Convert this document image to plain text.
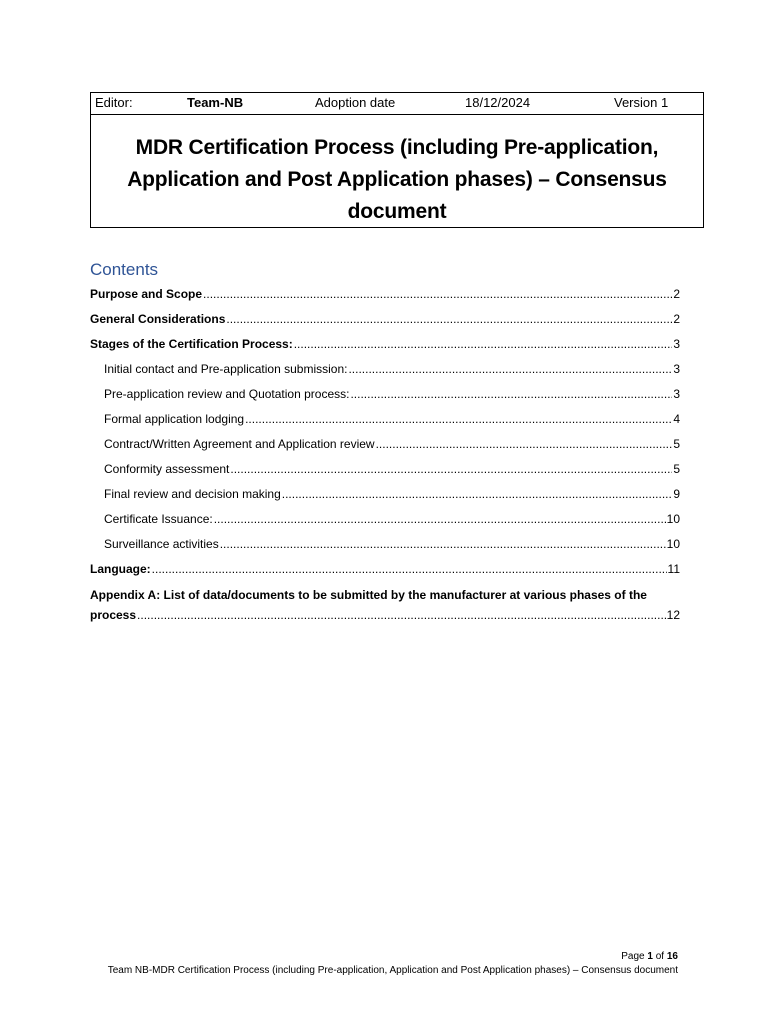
Editor:	Team-NB	Adoption date	18/12/2024	Version 1
MDR Certification Process (including Pre-application, Application and Post Application phases) – Consensus document
Contents
Purpose and Scope .....	2
General Considerations .....	2
Stages of the Certification Process: .....	3
Initial contact and Pre-application submission: .....	3
Pre-application review and Quotation process: .....	3
Formal application lodging .....	4
Contract/Written Agreement and Application review .....	5
Conformity assessment .....	5
Final review and decision making .....	9
Certificate Issuance: .....	10
Surveillance activities .....	10
Language: .....	11
Appendix A: List of data/documents to be submitted by the manufacturer at various phases of the
process .....	12
Page 1 of 16
Team NB-MDR Certification Process (including Pre-application, Application and Post Application phases) – Consensus document
